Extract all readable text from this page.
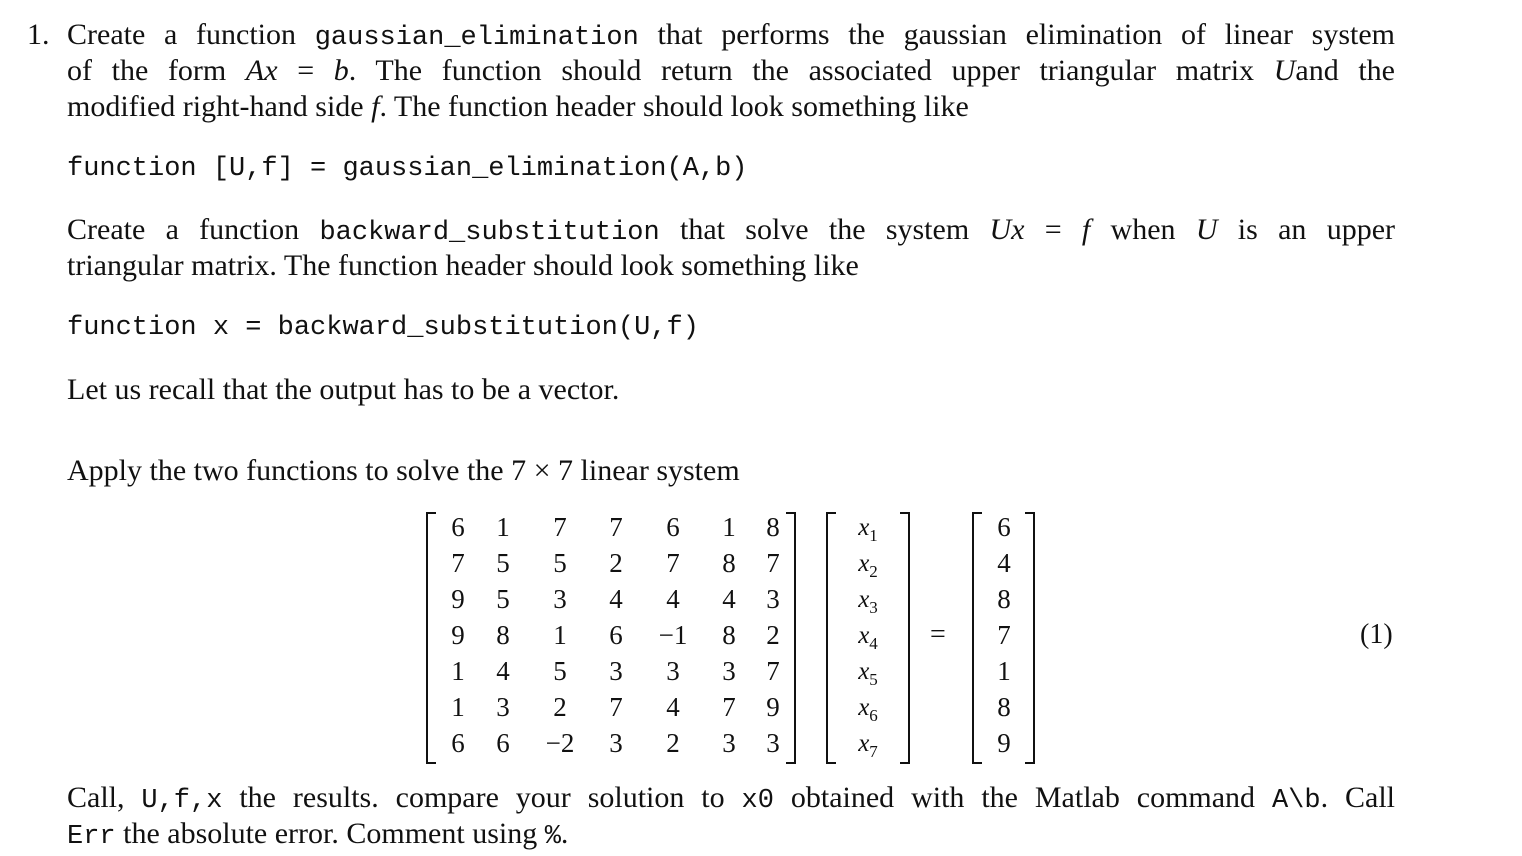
1. Create a function gaussian_elimination that performs the gaussian elimination of linear system
of the form Ax = b. The function should return the associated upper triangular matrix Uand the
modified right-hand side f. The function header should look something like
function [U,f] = gaussian_elimination(A,b)
Create a function backward_substitution that solve the system Ux = f when U is an upper
triangular matrix. The function header should look something like
function x = backward_substitution(U,f)
Let us recall that the output has to be a vector.
Apply the two functions to solve the 7 × 7 linear system
6	1	7	7	6	1	8
7	5	5	2	7	8	7
9	5	3	4	4	4	3
9	8	1	6	−1	8	2
1	4	5	3	3	3	7
1	3	2	7	4	7	9
6	6	−2	3	2	3	3
$x_1$
$x_2$
$x_3$
$x_4$
$x_5$
$x_6$
$x_7$
=
6
4
8
7
1
8
9
(1)
Call, U,f,x the results. compare your solution to x0 obtained with the Matlab command A\b. Call
Err the absolute error. Comment using %.
